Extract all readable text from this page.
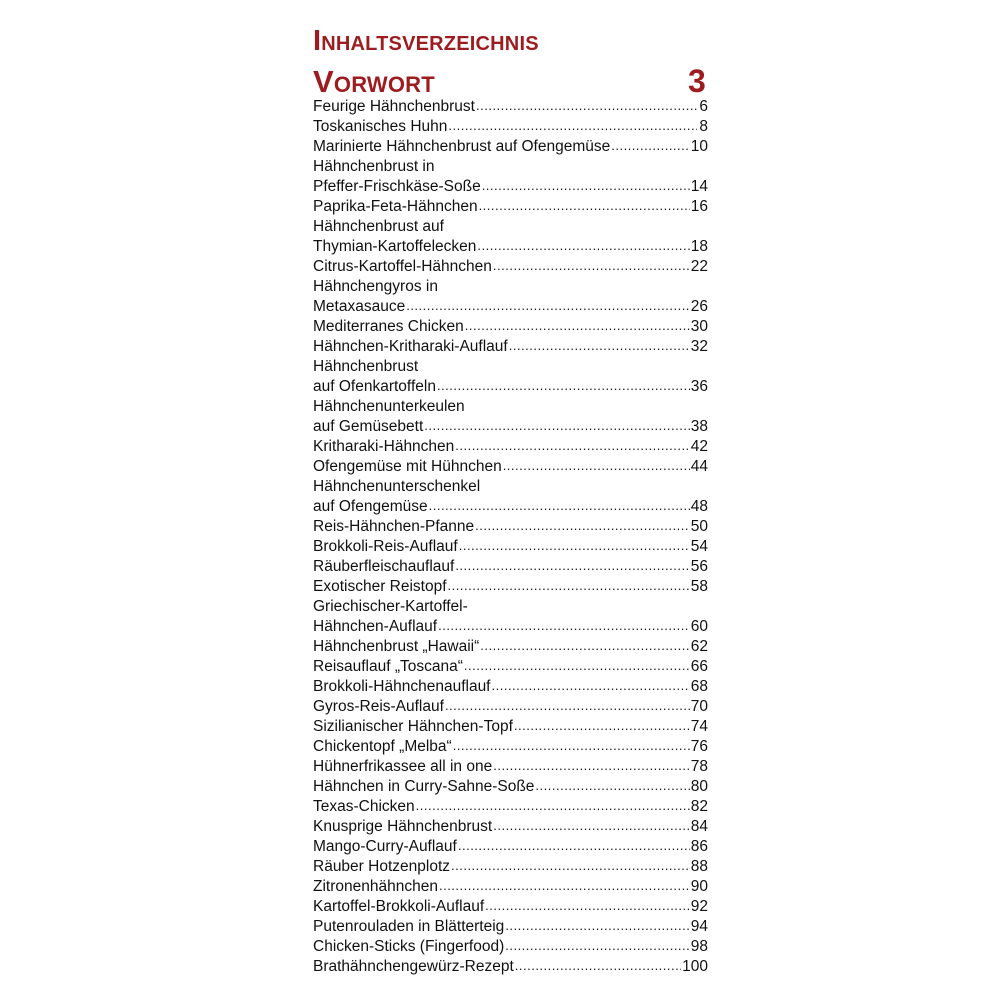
Inhaltsverzeichnis
Vorwort	3
Feurige Hähnchenbrust .....	6
Toskanisches Huhn .....	8
Marinierte Hähnchenbrust auf Ofengemüse .....	10
Hähnchenbrust in
Pfeffer-Frischkäse-Soße .....	14
Paprika-Feta-Hähnchen .....	16
Hähnchenbrust auf
Thymian-Kartoffelecken .....	18
Citrus-Kartoffel-Hähnchen .....	22
Hähnchengyros in
Metaxasauce .....	26
Mediterranes Chicken .....	30
Hähnchen-Kritharaki-Auflauf .....	32
Hähnchenbrust
auf Ofenkartoffeln .....	36
Hähnchenunterkeulen
auf Gemüsebett .....	38
Kritharaki-Hähnchen .....	42
Ofengemüse mit Hühnchen .....	44
Hähnchenunterschenkel
auf Ofengemüse .....	48
Reis-Hähnchen-Pfanne .....	50
Brokkoli-Reis-Auflauf .....	54
Räuberfleischauflauf .....	56
Exotischer Reistopf .....	58
Griechischer-Kartoffel-
Hähnchen-Auflauf .....	60
Hähnchenbrust „Hawaii“ .....	62
Reisauflauf „Toscana“ .....	66
Brokkoli-Hähnchenauflauf .....	68
Gyros-Reis-Auflauf .....	70
Sizilianischer Hähnchen-Topf .....	74
Chickentopf „Melba“ .....	76
Hühnerfrikassee all in one .....	78
Hähnchen in Curry-Sahne-Soße .....	80
Texas-Chicken .....	82
Knusprige Hähnchenbrust .....	84
Mango-Curry-Auflauf .....	86
Räuber Hotzenplotz .....	88
Zitronenhähnchen .....	90
Kartoffel-Brokkoli-Auflauf .....	92
Putenrouladen in Blätterteig .....	94
Chicken-Sticks (Fingerfood) .....	98
Brathähnchengewürz-Rezept .....	100
